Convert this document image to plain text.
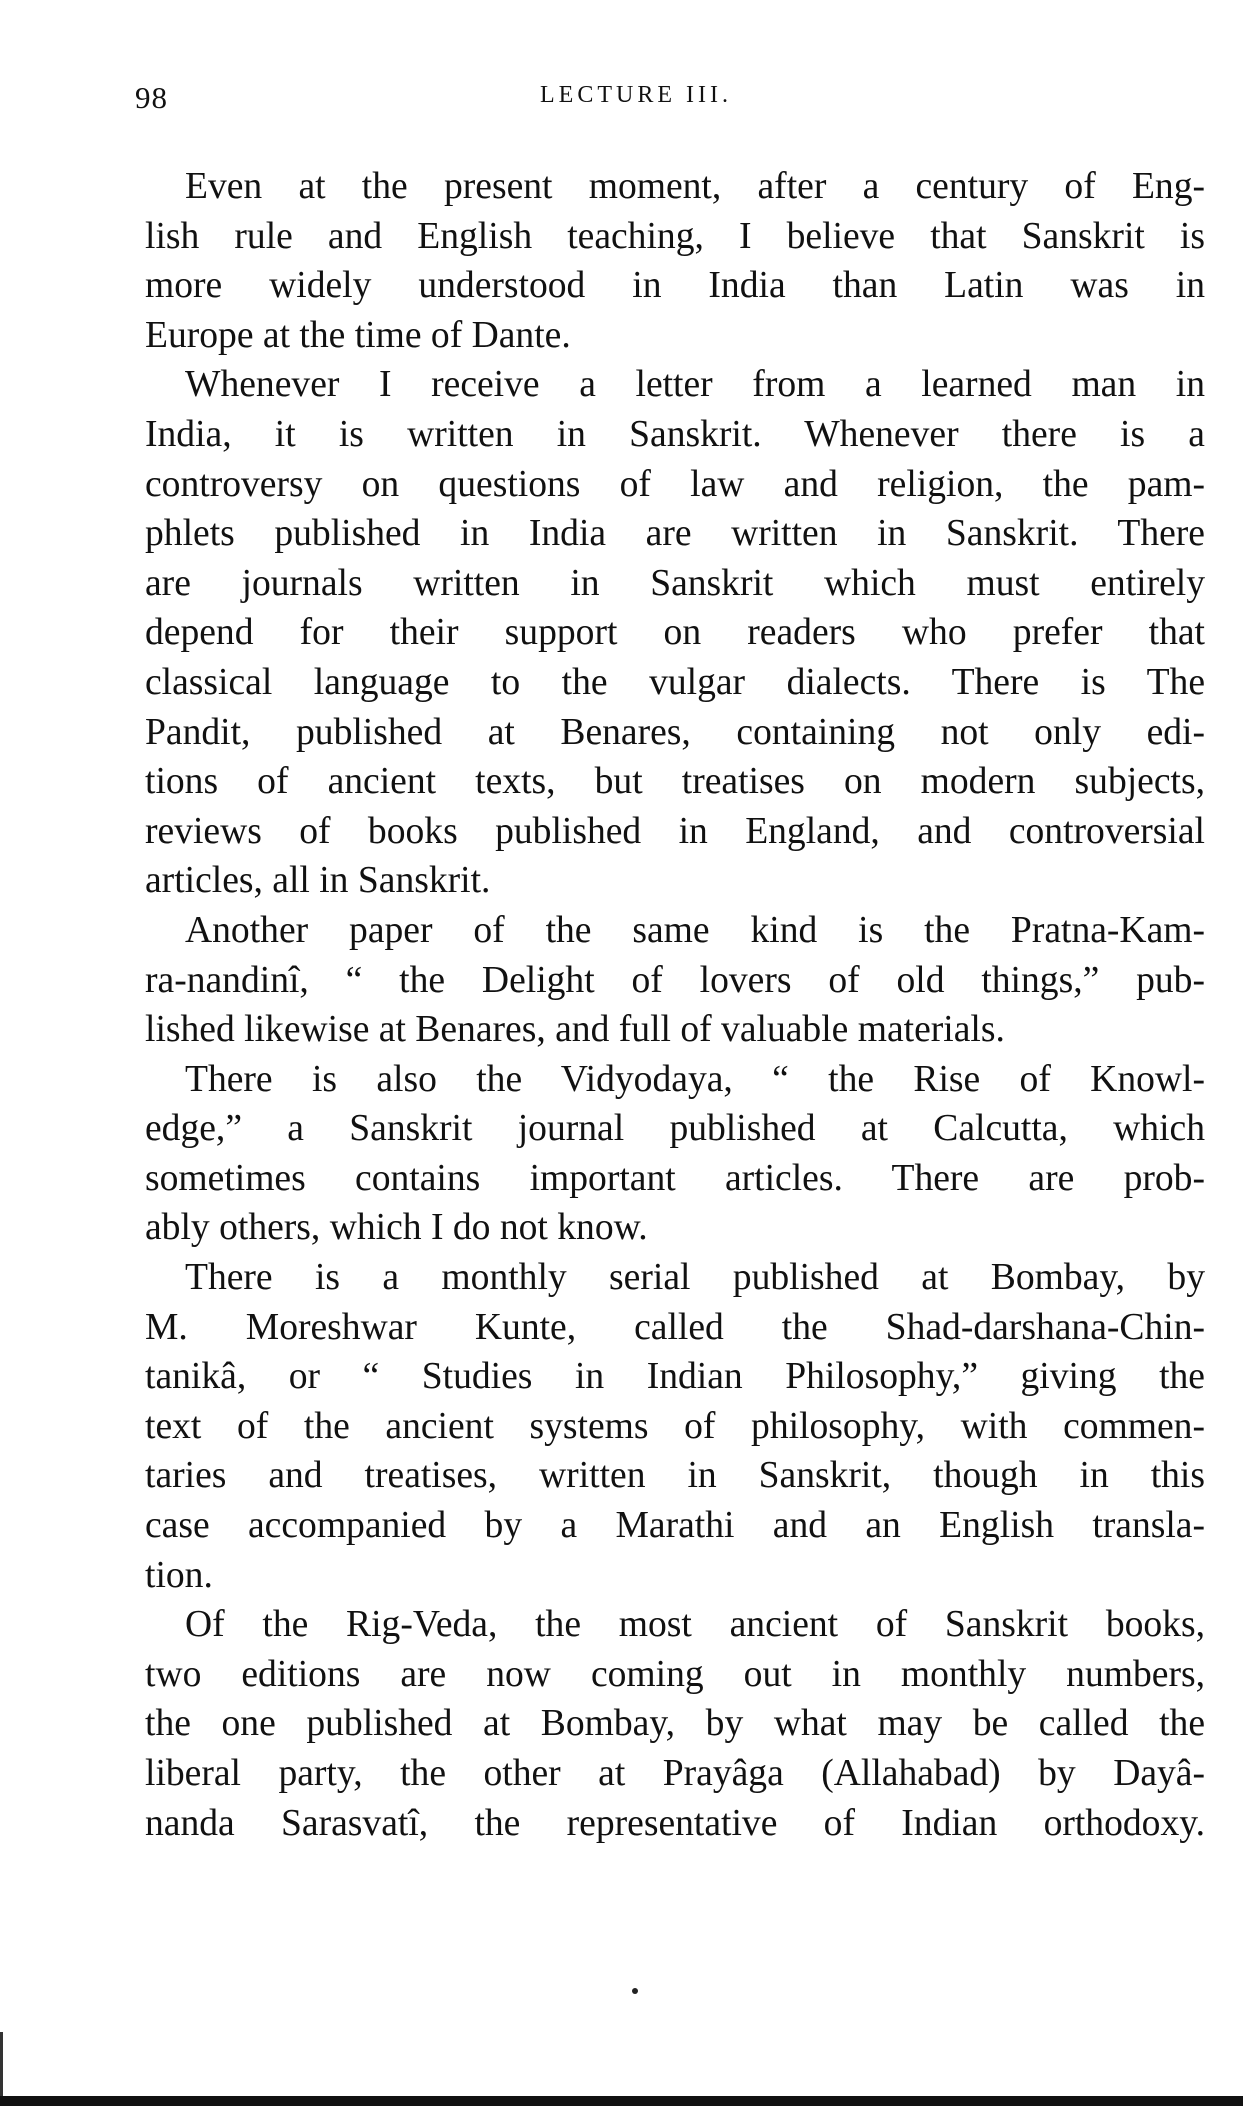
98	LECTURE III.
Even at the present moment, after a century of Eng-
lish rule and English teaching, I believe that Sanskrit is
more widely understood in India than Latin was in
Europe at the time of Dante.
Whenever I receive a letter from a learned man in
India, it is written in Sanskrit. Whenever there is a
controversy on questions of law and religion, the pam-
phlets published in India are written in Sanskrit. There
are journals written in Sanskrit which must entirely
depend for their support on readers who prefer that
classical language to the vulgar dialects. There is The
Pandit, published at Benares, containing not only edi-
tions of ancient texts, but treatises on modern subjects,
reviews of books published in England, and controversial
articles, all in Sanskrit.
Another paper of the same kind is the Pratna-Kam-
ra-nandinî, “ the Delight of lovers of old things,” pub-
lished likewise at Benares, and full of valuable materials.
There is also the Vidyodaya, “ the Rise of Knowl-
edge,” a Sanskrit journal published at Calcutta, which
sometimes contains important articles. There are prob-
ably others, which I do not know.
There is a monthly serial published at Bombay, by
M. Moreshwar Kunte, called the Shad-darshana-Chin-
tanikâ, or “ Studies in Indian Philosophy,” giving the
text of the ancient systems of philosophy, with commen-
taries and treatises, written in Sanskrit, though in this
case accompanied by a Marathi and an English transla-
tion.
Of the Rig-Veda, the most ancient of Sanskrit books,
two editions are now coming out in monthly numbers,
the one published at Bombay, by what may be called the
liberal party, the other at Prayâga (Allahabad) by Dayâ-
nanda Sarasvatî, the representative of Indian orthodoxy.
